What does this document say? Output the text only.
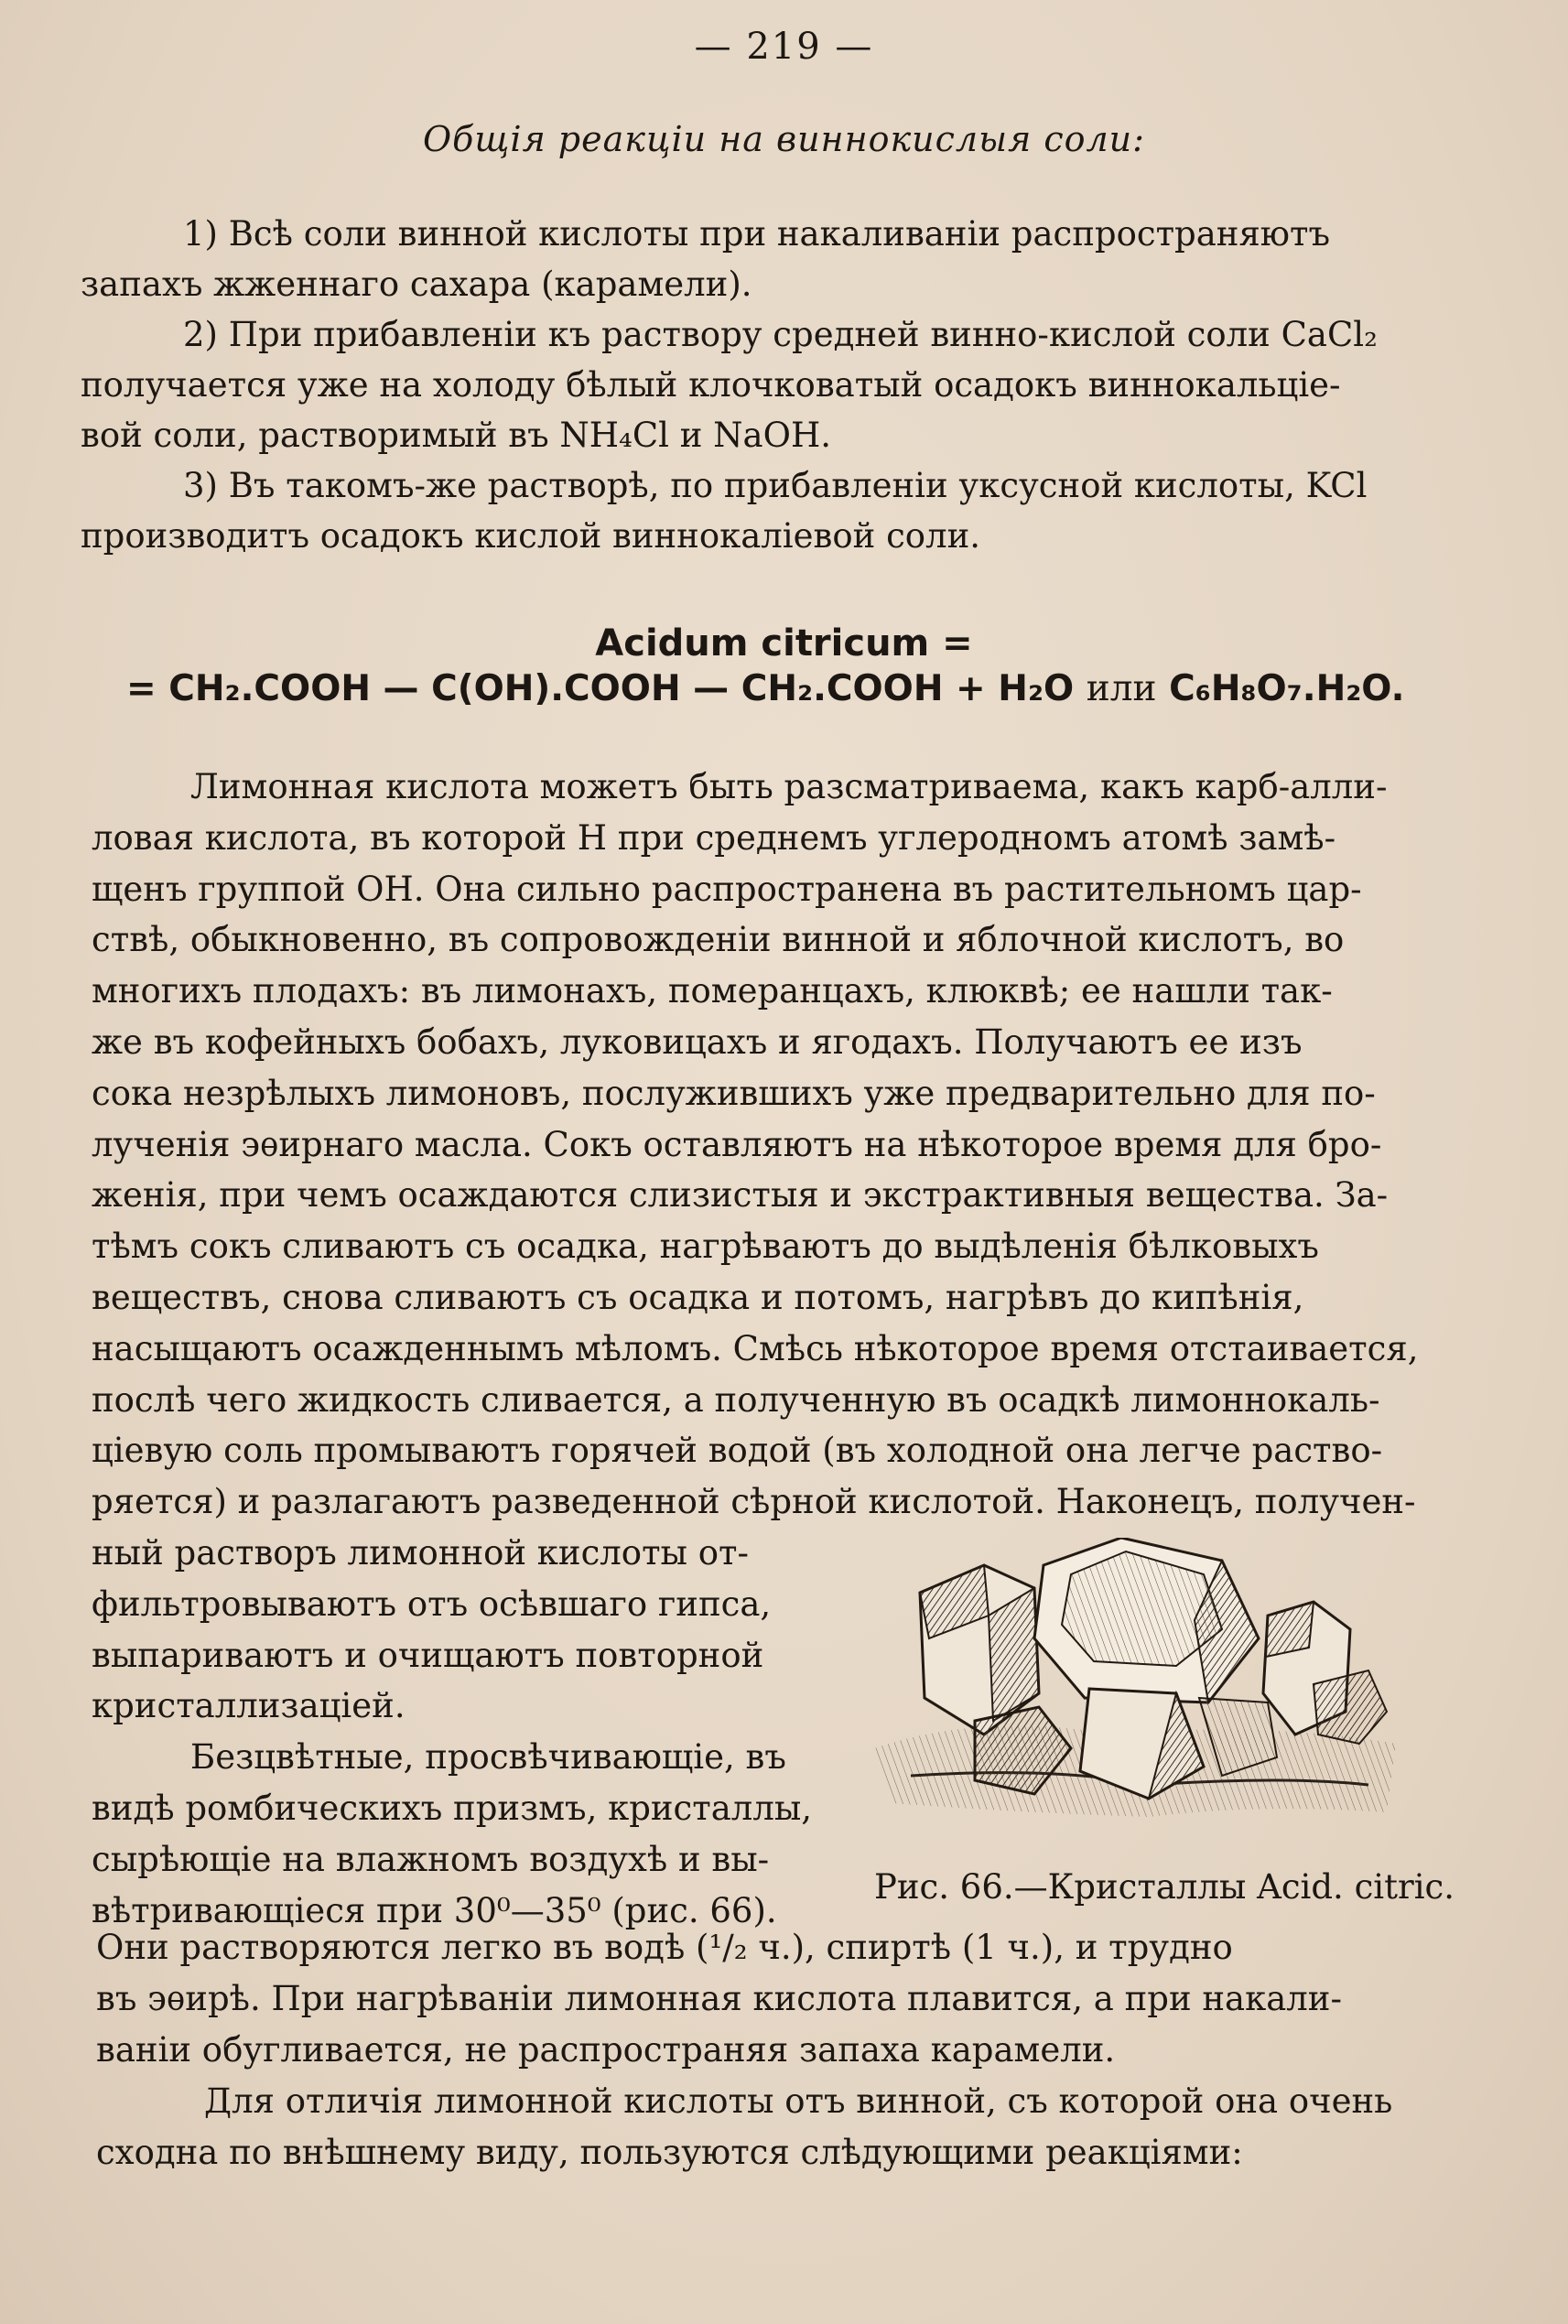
— 219 —
Общія реакціи на виннокислыя соли:
1) Всѣ соли винной кислоты при накаливаніи распространяютъ
запахъ жженнаго сахара (карамели).
2) При прибавленіи къ раствору средней винно-кислой соли CaCl₂
получается уже на холоду бѣлый клочковатый осадокъ виннокальціе-
вой соли, растворимый въ NH₄Cl и NaOH.
3) Въ такомъ-же растворѣ, по прибавленіи уксусной кислоты, KCl
производитъ осадокъ кислой виннокаліевой соли.
Acidum citricum =
= CH₂.COOH — C(OH).COOH — CH₂.COOH + H₂O или C₆H₈O₇.H₂O.
Лимонная кислота можетъ быть разсматриваема, какъ карб-алли-
ловая кислота, въ которой H при среднемъ углеродномъ атомѣ замѣ-
щенъ группой OH. Она сильно распространена въ растительномъ цар-
ствѣ, обыкновенно, въ сопровожденіи винной и яблочной кислотъ, во
многихъ плодахъ: въ лимонахъ, померанцахъ, клюквѣ; ее нашли так-
же въ кофейныхъ бобахъ, луковицахъ и ягодахъ. Получаютъ ее изъ
сока незрѣлыхъ лимоновъ, послужившихъ уже предварительно для по-
лученія эѳирнаго масла. Сокъ оставляютъ на нѣкоторое время для бро-
женія, при чемъ осаждаются слизистыя и экстрактивныя вещества. За-
тѣмъ сокъ сливаютъ съ осадка, нагрѣваютъ до выдѣленія бѣлковыхъ
веществъ, снова сливаютъ съ осадка и потомъ, нагрѣвъ до кипѣнія,
насыщаютъ осажденнымъ мѣломъ. Смѣсь нѣкоторое время отстаивается,
послѣ чего жидкость сливается, а полученную въ осадкѣ лимоннокаль-
ціевую соль промываютъ горячей водой (въ холодной она легче раство-
ряется) и разлагаютъ разведенной сѣрной кислотой. Наконецъ, получен-
ный растворъ лимонной кислоты от-
фильтровываютъ отъ осѣвшаго гипса,
выпариваютъ и очищаютъ повторной
кристаллизаціей.
Безцвѣтные, просвѣчивающіе, въ
видѣ ромбическихъ призмъ, кристаллы,
сырѣющіе на влажномъ воздухѣ и вы-
вѣтривающіеся при 30⁰—35⁰ (рис. 66).
Рис. 66.—Кристаллы Acid. citric.
Они растворяются легко въ водѣ (¹/₂ ч.), спиртѣ (1 ч.), и трудно
въ эѳирѣ. При нагрѣваніи лимонная кислота плавится, а при накали-
ваніи обугливается, не распространяя запаха карамели.
Для отличія лимонной кислоты отъ винной, съ которой она очень
сходна по внѣшнему виду, пользуются слѣдующими реакціями:
